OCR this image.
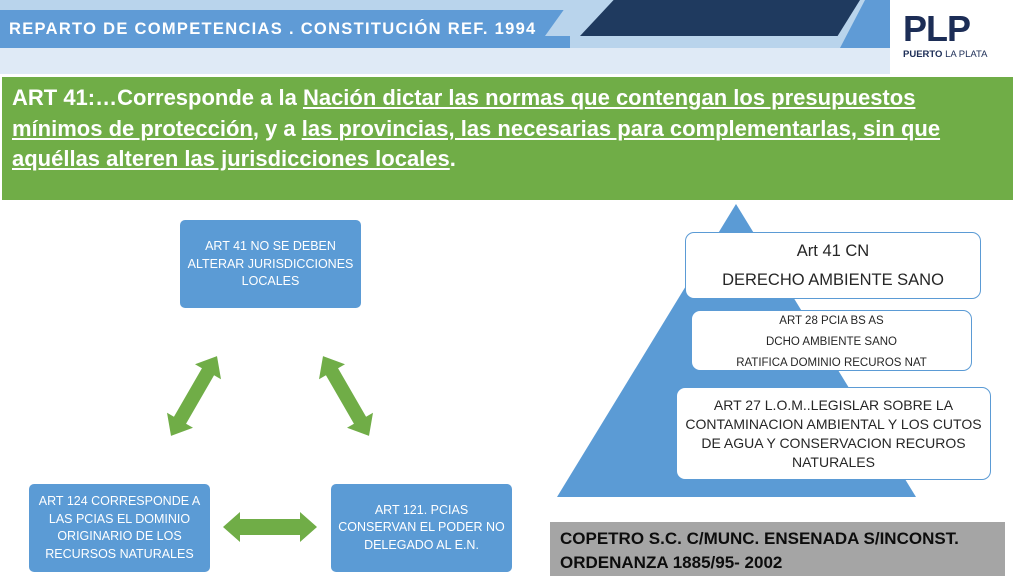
REPARTO DE COMPETENCIAS . CONSTITUCIÓN REF. 1994	PLP
PUERTO LA PLATA

ART 41:…Corresponde a la Nación dictar las normas que contengan los presupuestos mínimos de protección, y a las provincias, las necesarias para complementarlas, sin que aquéllas alteren las jurisdicciones locales.

ART 41 NO SE DEBEN ALTERAR JURISDICCIONES LOCALES
ART 124 CORRESPONDE A LAS PCIAS EL DOMINIO ORIGINARIO DE LOS RECURSOS NATURALES
ART 121. PCIAS CONSERVAN EL PODER NO DELEGADO AL E.N.
Art 41 CN
DERECHO AMBIENTE SANO
ART 28 PCIA BS AS
DCHO AMBIENTE SANO
RATIFICA DOMINIO RECUROS NAT
ART 27 L.O.M..LEGISLAR SOBRE LA CONTAMINACION AMBIENTAL Y LOS CUTOS DE AGUA Y CONSERVACION RECUROS NATURALES
COPETRO S.C. C/MUNC. ENSENADA S/INCONST.
ORDENANZA 1885/95- 2002
